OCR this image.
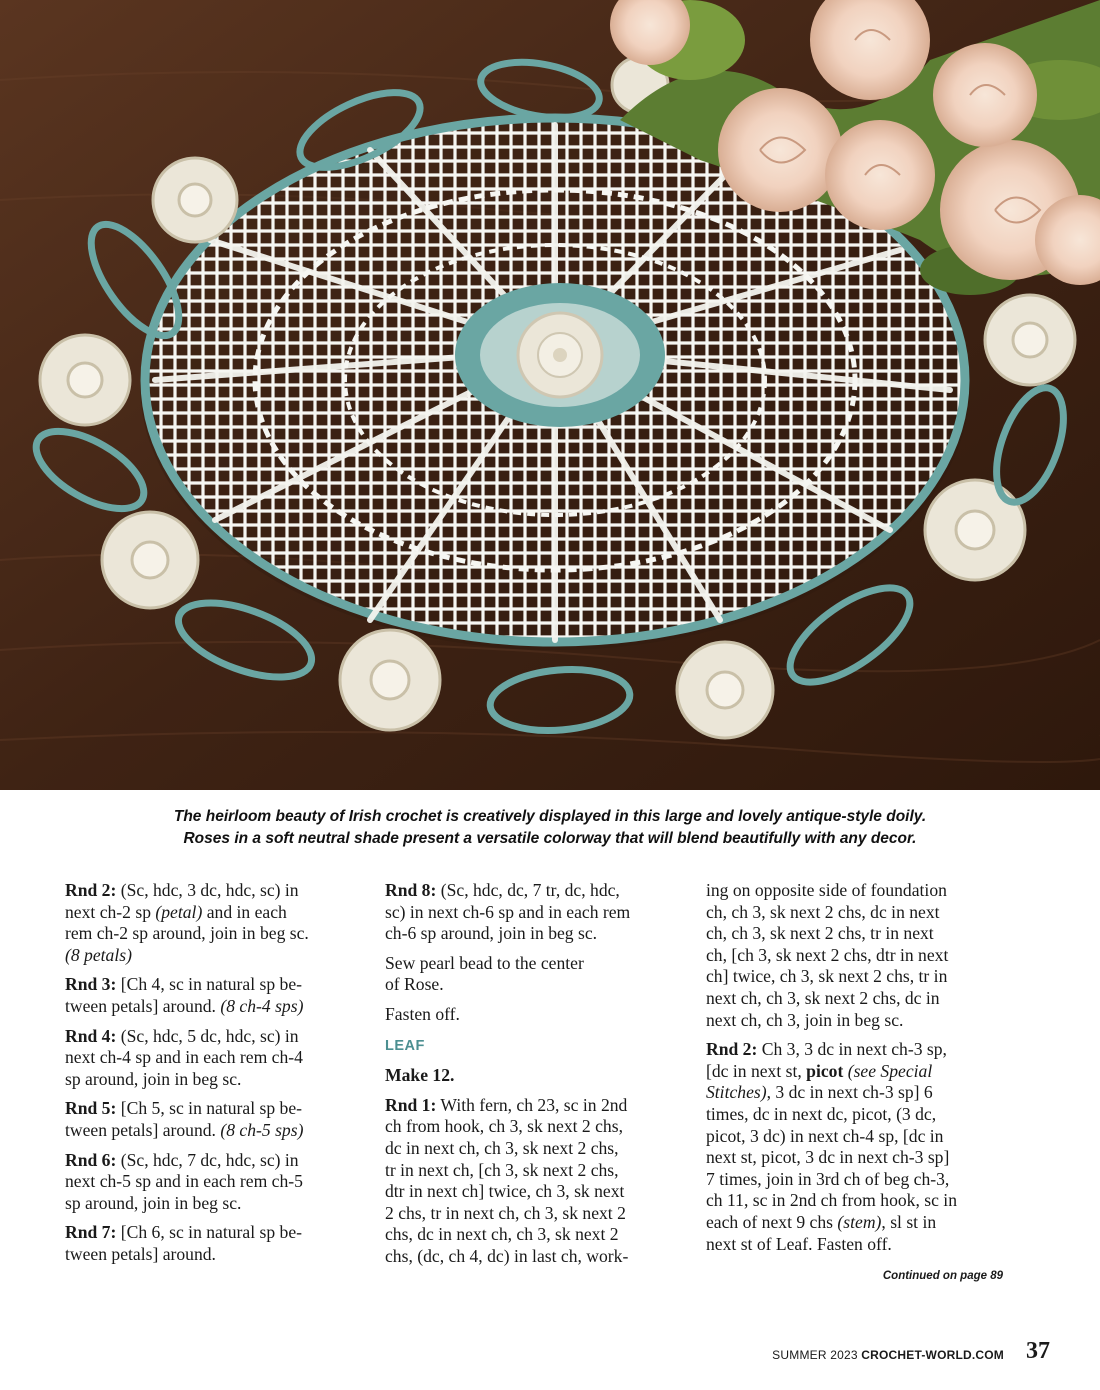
The heirloom beauty of Irish crochet is creatively displayed in this large and lovely antique-style doily.
Roses in a soft neutral shade present a versatile colorway that will blend beautifully with any decor.

Rnd 2: (Sc, hdc, 3 dc, hdc, sc) in
next ch-2 sp (petal) and in each
rem ch-2 sp around, join in beg sc.
(8 petals)

Rnd 3: [Ch 4, sc in natural sp be-
tween petals] around. (8 ch-4 sps)

Rnd 4: (Sc, hdc, 5 dc, hdc, sc) in
next ch-4 sp and in each rem ch-4
sp around, join in beg sc.

Rnd 5: [Ch 5, sc in natural sp be-
tween petals] around. (8 ch-5 sps)

Rnd 6: (Sc, hdc, 7 dc, hdc, sc) in
next ch-5 sp and in each rem ch-5
sp around, join in beg sc.

Rnd 7: [Ch 6, sc in natural sp be-
tween petals] around.

Rnd 8: (Sc, hdc, dc, 7 tr, dc, hdc,
sc) in next ch-6 sp and in each rem
ch-6 sp around, join in beg sc.

Sew pearl bead to the center
of Rose.

Fasten off.

LEAF
Make 12.

Rnd 1: With fern, ch 23, sc in 2nd
ch from hook, ch 3, sk next 2 chs,
dc in next ch, ch 3, sk next 2 chs,
tr in next ch, [ch 3, sk next 2 chs,
dtr in next ch] twice, ch 3, sk next
2 chs, tr in next ch, ch 3, sk next 2
chs, dc in next ch, ch 3, sk next 2
chs, (dc, ch 4, dc) in last ch, work-

ing on opposite side of foundation
ch, ch 3, sk next 2 chs, dc in next
ch, ch 3, sk next 2 chs, tr in next
ch, [ch 3, sk next 2 chs, dtr in next
ch] twice, ch 3, sk next 2 chs, tr in
next ch, ch 3, sk next 2 chs, dc in
next ch, ch 3, join in beg sc.

Rnd 2: Ch 3, 3 dc in next ch-3 sp,
[dc in next st, picot (see Special
Stitches), 3 dc in next ch-3 sp] 6
times, dc in next dc, picot, (3 dc,
picot, 3 dc) in next ch-4 sp, [dc in
next st, picot, 3 dc in next ch-3 sp]
7 times, join in 3rd ch of beg ch-3,
ch 11, sc in 2nd ch from hook, sc in
each of next 9 chs (stem), sl st in
next st of Leaf. Fasten off.

Continued on page 89
SUMMER 2023 CROCHET-WORLD.COM 37
